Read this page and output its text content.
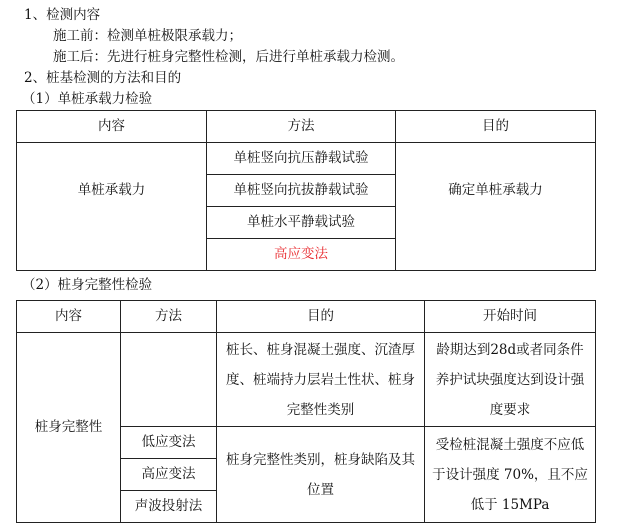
1、检测内容
施工前：检测单桩极限承载力；
施工后：先进行桩身完整性检测，后进行单桩承载力检测。
2、桩基检测的方法和目的
（1）单桩承载力检验
内容	方法	目的
单桩承载力	单桩竖向抗压静载试验	确定单桩承载力
	单桩竖向抗拔静载试验	
	单桩水平静载试验	
	高应变法	
（2）桩身完整性检验
内容	方法	目的	开始时间
桩身完整性		桩长、桩身混凝土强度、沉渣厚度、桩端持力层岩土性状、桩身完整性类别	龄期达到28d或者同条件养护试块强度达到设计强度要求
	低应变法	桩身完整性类别，桩身缺陷及其位置	受检桩混凝土强度不应低于设计强度 70%，且不应低于 15MPa
	高应变法		
	声波投射法		
